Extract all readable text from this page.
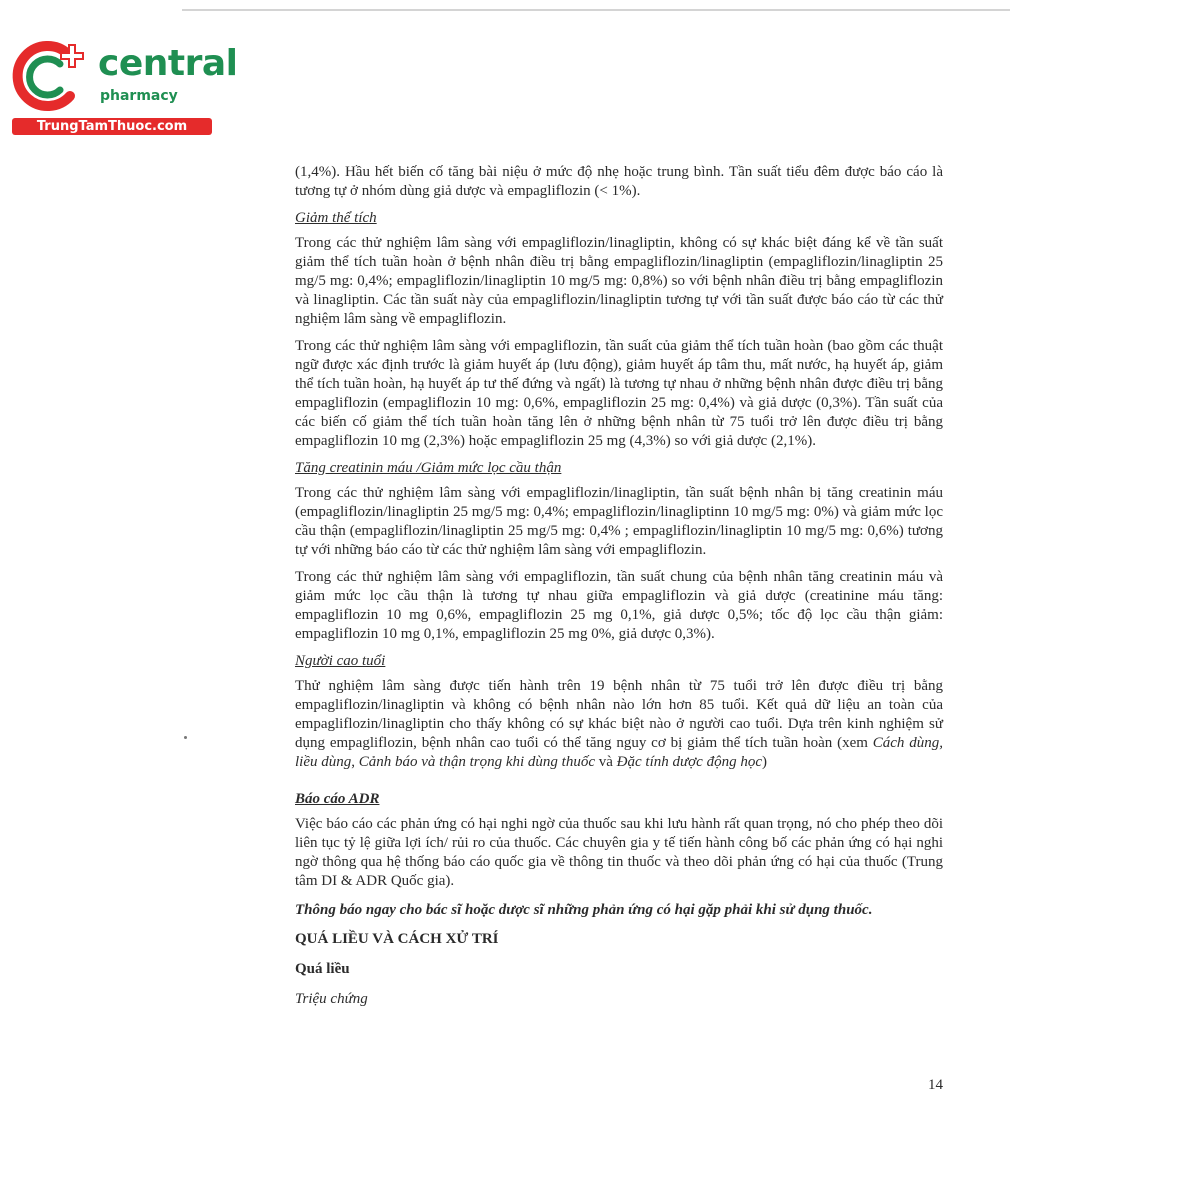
central
pharmacy
TrungTamThuoc.com

(1,4%). Hầu hết biến cố tăng bài niệu ở mức độ nhẹ hoặc trung bình. Tần suất tiểu đêm được báo cáo là tương tự ở nhóm dùng giả dược và empagliflozin (< 1%).

Giảm thể tích

Trong các thử nghiệm lâm sàng với empagliflozin/linagliptin, không có sự khác biệt đáng kể về tần suất giảm thể tích tuần hoàn ở bệnh nhân điều trị bằng empagliflozin/linagliptin (empagliflozin/linagliptin 25 mg/5 mg: 0,4%; empagliflozin/linagliptin 10 mg/5 mg: 0,8%) so với bệnh nhân điều trị bằng empagliflozin và linagliptin. Các tần suất này của empagliflozin/linagliptin tương tự với tần suất được báo cáo từ các thử nghiệm lâm sàng về empagliflozin.

Trong các thử nghiệm lâm sàng với empagliflozin, tần suất của giảm thể tích tuần hoàn (bao gồm các thuật ngữ được xác định trước là giảm huyết áp (lưu động), giảm huyết áp tâm thu, mất nước, hạ huyết áp, giảm thể tích tuần hoàn, hạ huyết áp tư thế đứng và ngất) là tương tự nhau ở những bệnh nhân được điều trị bằng empagliflozin (empagliflozin 10 mg: 0,6%, empagliflozin 25 mg: 0,4%) và giả dược (0,3%). Tần suất của các biến cố giảm thể tích tuần hoàn tăng lên ở những bệnh nhân từ 75 tuổi trở lên được điều trị bằng empagliflozin 10 mg (2,3%) hoặc empagliflozin 25 mg (4,3%) so với giả dược (2,1%).

Tăng creatinin máu /Giảm mức lọc cầu thận

Trong các thử nghiệm lâm sàng với empagliflozin/linagliptin, tần suất bệnh nhân bị tăng creatinin máu (empagliflozin/linagliptin 25 mg/5 mg: 0,4%; empagliflozin/linagliptinn 10 mg/5 mg: 0%) và giảm mức lọc cầu thận (empagliflozin/linagliptin 25 mg/5 mg: 0,4% ; empagliflozin/linagliptin 10 mg/5 mg: 0,6%) tương tự với những báo cáo từ các thử nghiệm lâm sàng với empagliflozin.

Trong các thử nghiệm lâm sàng với empagliflozin, tần suất chung của bệnh nhân tăng creatinin máu và giảm mức lọc cầu thận là tương tự nhau giữa empagliflozin và giả dược (creatinine máu tăng: empagliflozin 10 mg 0,6%, empagliflozin 25 mg 0,1%, giả dược 0,5%; tốc độ lọc cầu thận giảm: empagliflozin 10 mg 0,1%, empagliflozin 25 mg 0%, giả dược 0,3%).

Người cao tuổi

Thử nghiệm lâm sàng được tiến hành trên 19 bệnh nhân từ 75 tuổi trở lên được điều trị bằng empagliflozin/linagliptin và không có bệnh nhân nào lớn hơn 85 tuổi. Kết quả dữ liệu an toàn của empagliflozin/linagliptin cho thấy không có sự khác biệt nào ở người cao tuổi. Dựa trên kinh nghiệm sử dụng empagliflozin, bệnh nhân cao tuổi có thể tăng nguy cơ bị giảm thể tích tuần hoàn (xem Cách dùng, liều dùng, Cảnh báo và thận trọng khi dùng thuốc và Đặc tính dược động học)

Báo cáo ADR

Việc báo cáo các phản ứng có hại nghi ngờ của thuốc sau khi lưu hành rất quan trọng, nó cho phép theo dõi liên tục tỷ lệ giữa lợi ích/ rủi ro của thuốc. Các chuyên gia y tế tiến hành công bố các phản ứng có hại nghi ngờ thông qua hệ thống báo cáo quốc gia về thông tin thuốc và theo dõi phản ứng có hại của thuốc (Trung tâm DI & ADR Quốc gia).

Thông báo ngay cho bác sĩ hoặc dược sĩ những phản ứng có hại gặp phải khi sử dụng thuốc.

QUÁ LIỀU VÀ CÁCH XỬ TRÍ

Quá liều

Triệu chứng

14
